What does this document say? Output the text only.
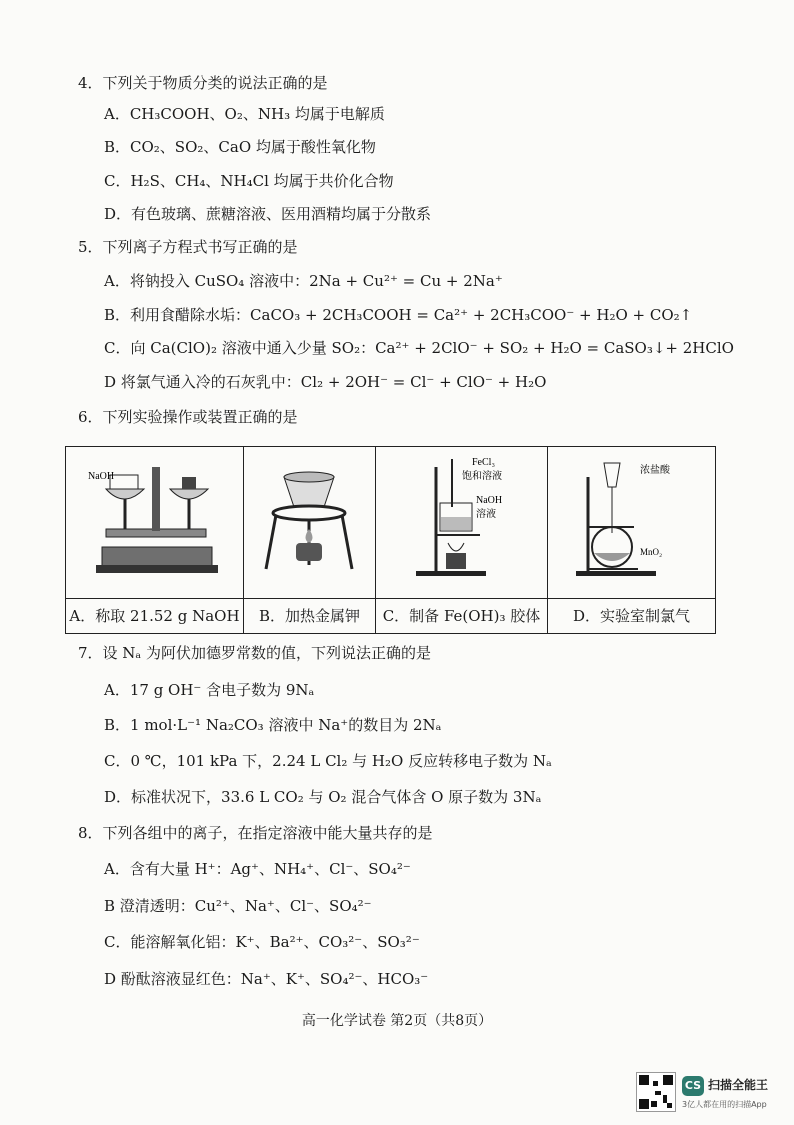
4．下列关于物质分类的说法正确的是
A．CH₃COOH、O₂、NH₃ 均属于电解质
B．CO₂、SO₂、CaO 均属于酸性氧化物
C．H₂S、CH₄、NH₄Cl 均属于共价化合物
D．有色玻璃、蔗糖溶液、医用酒精均属于分散系
5．下列离子方程式书写正确的是
A．将钠投入 CuSO₄ 溶液中：2Na + Cu²⁺ = Cu + 2Na⁺
B．利用食醋除水垢：CaCO₃ + 2CH₃COOH = Ca²⁺ + 2CH₃COO⁻ + H₂O + CO₂↑
C．向 Ca(ClO)₂ 溶液中通入少量 SO₂：Ca²⁺ + 2ClO⁻ + SO₂ + H₂O = CaSO₃↓+ 2HClO
D 将氯气通入冷的石灰乳中：Cl₂ + 2OH⁻ = Cl⁻ + ClO⁻ + H₂O
6．下列实验操作或装置正确的是
NaOH
A．称取 21.52 g NaOH	B．加热金属钾
FeCl₃
饱和溶液
NaOH
溶液
C．制备 Fe(OH)₃ 胶体
浓盐酸
MnO₂
D．实验室制氯气
7．设 Nₐ 为阿伏加德罗常数的值，下列说法正确的是
A．17 g OH⁻ 含电子数为 9Nₐ
B．1 mol·L⁻¹ Na₂CO₃ 溶液中 Na⁺的数目为 2Nₐ
C．0 ℃，101 kPa 下，2.24 L Cl₂ 与 H₂O 反应转移电子数为 Nₐ
D．标准状况下，33.6 L CO₂ 与 O₂ 混合气体含 O 原子数为 3Nₐ
8．下列各组中的离子，在指定溶液中能大量共存的是
A．含有大量 H⁺：Ag⁺、NH₄⁺、Cl⁻、SO₄²⁻
B 澄清透明：Cu²⁺、Na⁺、Cl⁻、SO₄²⁻
C．能溶解氧化铝：K⁺、Ba²⁺、CO₃²⁻、SO₃²⁻
D 酚酞溶液显红色：Na⁺、K⁺、SO₄²⁻、HCO₃⁻
高一化学试卷 第2页（共8页）
CS 扫描全能王
3亿人都在用的扫描App
